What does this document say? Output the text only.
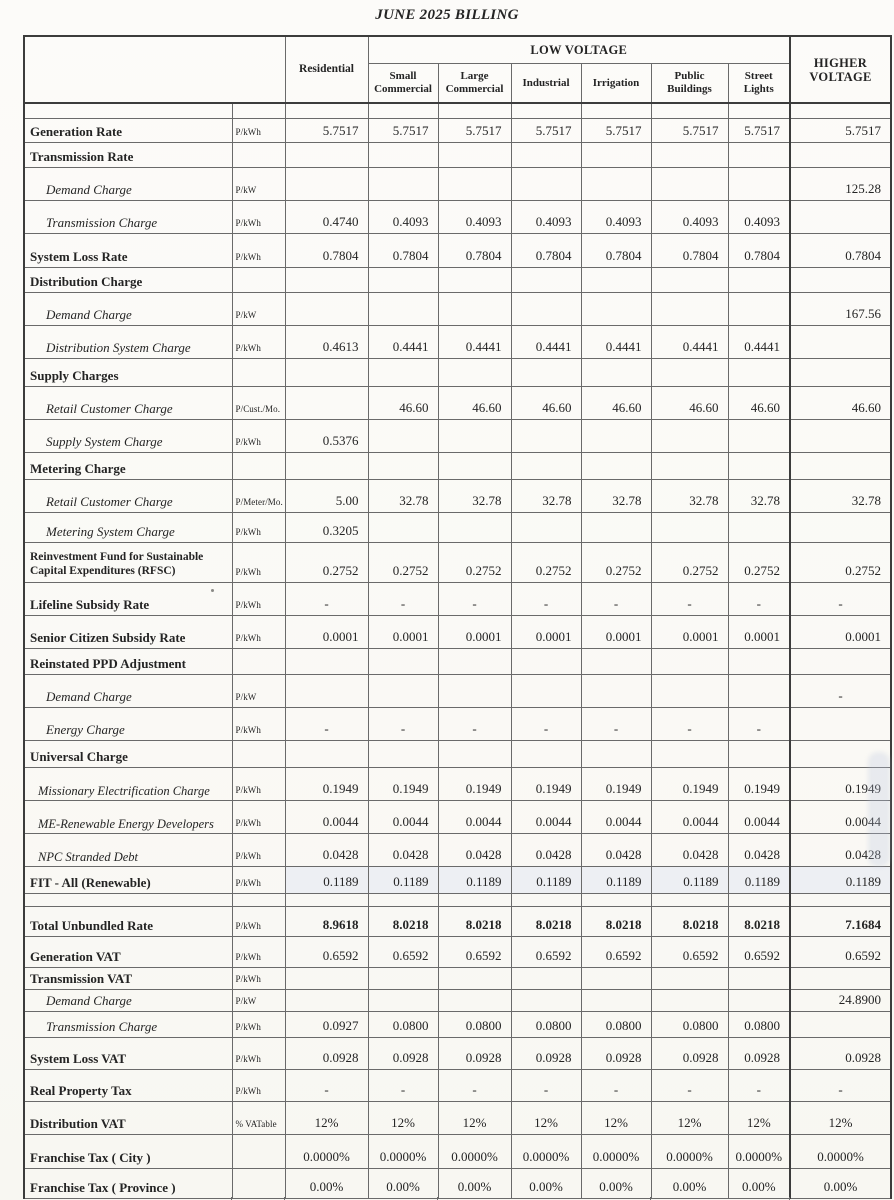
JUNE 2025 BILLING
		Residential	LOW VOLTAGE						HIGHER VOLTAGE
			Small Commercial	Large Commercial	Industrial	Irrigation	Public Buildings	Street Lights	

Generation Rate	P/kWh	5.7517	5.7517	5.7517	5.7517	5.7517	5.7517	5.7517	5.7517
Transmission Rate									
Demand Charge	P/kW								125.28
Transmission Charge	P/kWh	0.4740	0.4093	0.4093	0.4093	0.4093	0.4093	0.4093	
System Loss Rate	P/kWh	0.7804	0.7804	0.7804	0.7804	0.7804	0.7804	0.7804	0.7804
Distribution Charge									
Demand Charge	P/kW								167.56
Distribution System Charge	P/kWh	0.4613	0.4441	0.4441	0.4441	0.4441	0.4441	0.4441	
Supply Charges									
Retail Customer Charge	P/Cust./Mo.		46.60	46.60	46.60	46.60	46.60	46.60	46.60
Supply System Charge	P/kWh	0.5376							
Metering Charge									
Retail Customer Charge	P/Meter/Mo.	5.00	32.78	32.78	32.78	32.78	32.78	32.78	32.78
Metering System Charge	P/kWh	0.3205							
Reinvestment Fund for Sustainable Capital Expenditures (RFSC)	P/kWh	0.2752	0.2752	0.2752	0.2752	0.2752	0.2752	0.2752	0.2752
Lifeline Subsidy Rate	P/kWh	-	-	-	-	-	-	-	-
Senior Citizen Subsidy Rate	P/kWh	0.0001	0.0001	0.0001	0.0001	0.0001	0.0001	0.0001	0.0001
Reinstated PPD Adjustment									
Demand Charge	P/kW								-
Energy Charge	P/kWh	-	-	-	-	-	-	-	
Universal Charge									
Missionary Electrification Charge	P/kWh	0.1949	0.1949	0.1949	0.1949	0.1949	0.1949	0.1949	0.1949
ME-Renewable Energy Developers	P/kWh	0.0044	0.0044	0.0044	0.0044	0.0044	0.0044	0.0044	0.0044
NPC Stranded Debt	P/kWh	0.0428	0.0428	0.0428	0.0428	0.0428	0.0428	0.0428	0.0428
FIT - All (Renewable)	P/kWh	0.1189	0.1189	0.1189	0.1189	0.1189	0.1189	0.1189	0.1189

Total Unbundled Rate	P/kWh	8.9618	8.0218	8.0218	8.0218	8.0218	8.0218	8.0218	7.1684
Generation VAT	P/kWh	0.6592	0.6592	0.6592	0.6592	0.6592	0.6592	0.6592	0.6592
Transmission VAT	P/kWh								
Demand Charge	P/kW								24.8900
Transmission Charge	P/kWh	0.0927	0.0800	0.0800	0.0800	0.0800	0.0800	0.0800	
System Loss VAT	P/kWh	0.0928	0.0928	0.0928	0.0928	0.0928	0.0928	0.0928	0.0928
Real Property Tax	P/kWh	-	-	-	-	-	-	-	-
Distribution VAT	% VATable	12%	12%	12%	12%	12%	12%	12%	12%
Franchise Tax ( City )		0.0000%	0.0000%	0.0000%	0.0000%	0.0000%	0.0000%	0.0000%	0.0000%
Franchise Tax ( Province )		0.00%	0.00%	0.00%	0.00%	0.00%	0.00%	0.00%	0.00%
